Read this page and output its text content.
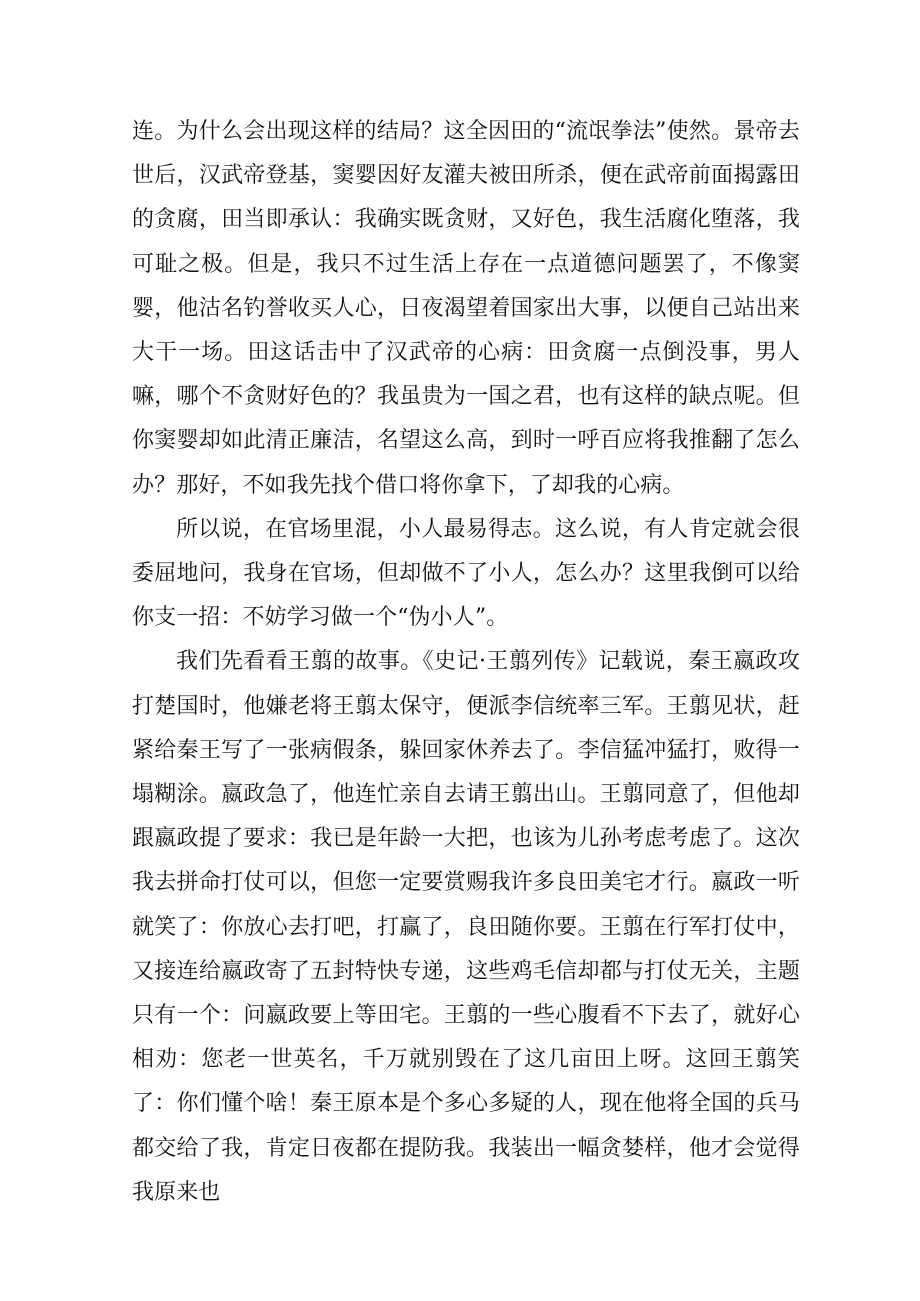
连。为什么会出现这样的结局？这全因田的“流氓拳法”使然。景帝去世后，汉武帝登基，窦婴因好友灌夫被田所杀，便在武帝前面揭露田的贪腐，田当即承认：我确实既贪财，又好色，我生活腐化堕落，我可耻之极。但是，我只不过生活上存在一点道德问题罢了，不像窦婴，他沽名钓誉收买人心，日夜渴望着国家出大事，以便自己站出来大干一场。田这话击中了汉武帝的心病：田贪腐一点倒没事，男人嘛，哪个不贪财好色的？我虽贵为一国之君，也有这样的缺点呢。但你窦婴却如此清正廉洁，名望这么高，到时一呼百应将我推翻了怎么办？那好，不如我先找个借口将你拿下，了却我的心病。

所以说，在官场里混，小人最易得志。这么说，有人肯定就会很委屈地问，我身在官场，但却做不了小人，怎么办？这里我倒可以给你支一招：不妨学习做一个“伪小人”。

我们先看看王翦的故事。《史记·王翦列传》记载说，秦王嬴政攻打楚国时，他嫌老将王翦太保守，便派李信统率三军。王翦见状，赶紧给秦王写了一张病假条，躲回家休养去了。李信猛冲猛打，败得一塌糊涂。嬴政急了，他连忙亲自去请王翦出山。王翦同意了，但他却跟嬴政提了要求：我已是年龄一大把，也该为儿孙考虑考虑了。这次我去拼命打仗可以，但您一定要赏赐我许多良田美宅才行。嬴政一听就笑了：你放心去打吧，打赢了，良田随你要。王翦在行军打仗中，又接连给嬴政寄了五封特快专递，这些鸡毛信却都与打仗无关，主题只有一个：问嬴政要上等田宅。王翦的一些心腹看不下去了，就好心相劝：您老一世英名，千万就别毁在了这几亩田上呀。这回王翦笑了：你们懂个啥！秦王原本是个多心多疑的人，现在他将全国的兵马都交给了我，肯定日夜都在提防我。我装出一幅贪婪样，他才会觉得我原来也
